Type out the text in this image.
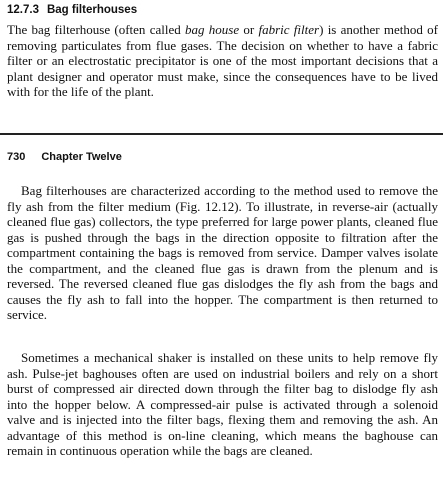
12.7.3 Bag filterhouses

The bag filterhouse (often called bag house or fabric filter) is another method of removing particulates from flue gases. The decision on whether to have a fabric filter or an electrostatic precipitator is one of the most important decisions that a plant designer and operator must make, since the consequences have to be lived with for the life of the plant.

730 Chapter Twelve

Bag filterhouses are characterized according to the method used to remove the fly ash from the filter medium (Fig. 12.12). To illustrate, in reverse-air (actually cleaned flue gas) collectors, the type preferred for large power plants, cleaned flue gas is pushed through the bags in the direction opposite to filtration after the compartment containing the bags is removed from service. Damper valves isolate the compartment, and the cleaned flue gas is drawn from the plenum and is reversed. The reversed cleaned flue gas dislodges the fly ash from the bags and causes the fly ash to fall into the hopper. The compartment is then returned to service.

Sometimes a mechanical shaker is installed on these units to help remove fly ash. Pulse-jet baghouses often are used on industrial boilers and rely on a short burst of compressed air directed down through the filter bag to dislodge fly ash into the hopper below. A compressed-air pulse is activated through a solenoid valve and is injected into the filter bags, flexing them and removing the ash. An advantage of this method is on-line cleaning, which means the baghouse can remain in continuous operation while the bags are cleaned.
